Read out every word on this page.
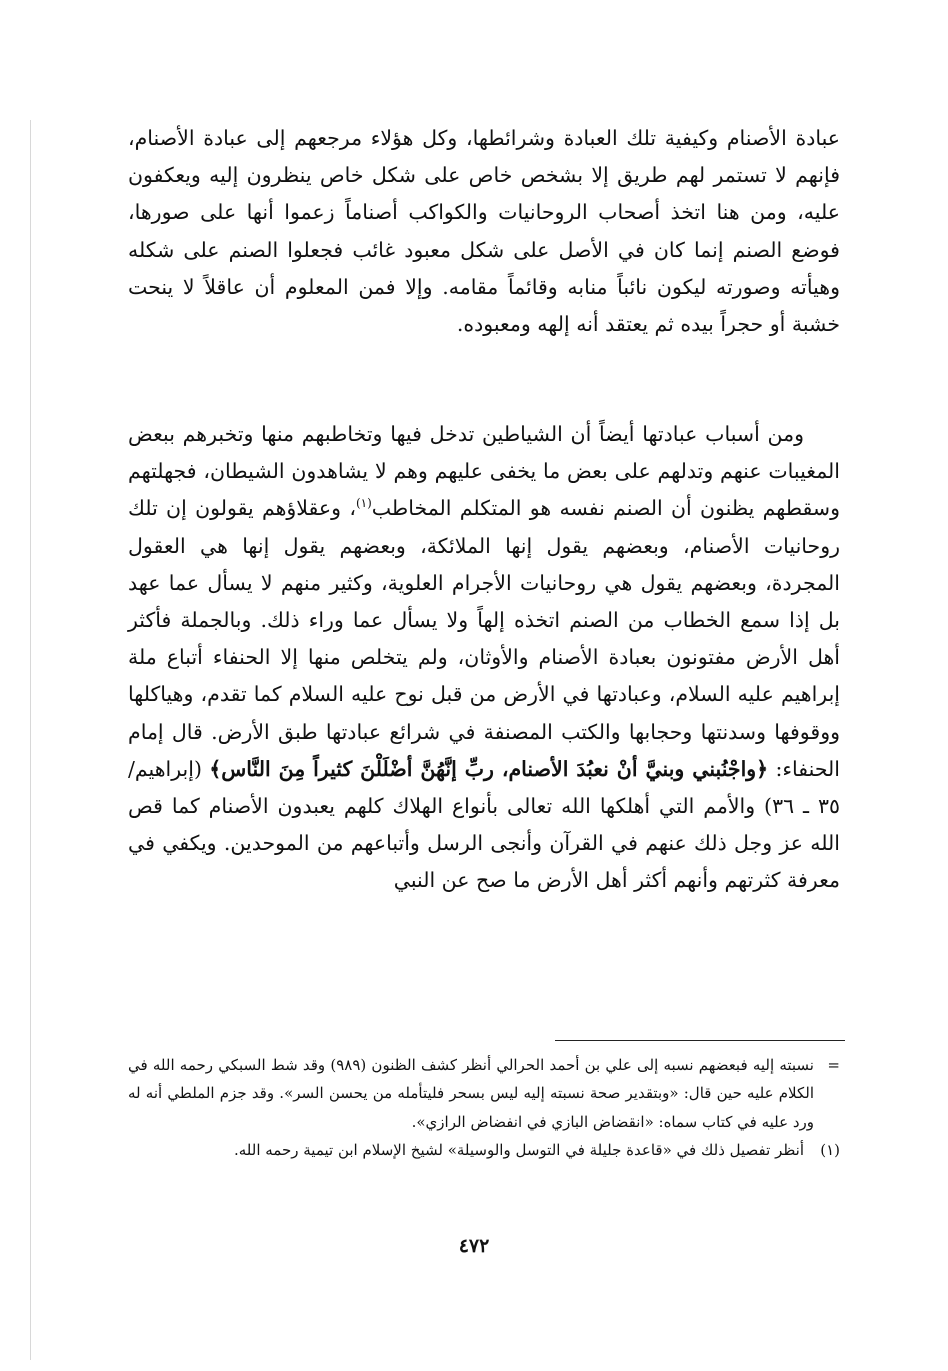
عبادة الأصنام وكيفية تلك العبادة وشرائطها، وكل هؤلاء مرجعهم إلى عبادة الأصنام، فإنهم لا تستمر لهم طريق إلا بشخص خاص على شكل خاص ينظرون إليه ويعكفون عليه، ومن هنا اتخذ أصحاب الروحانيات والكواكب أصناماً زعموا أنها على صورها، فوضع الصنم إنما كان في الأصل على شكل معبود غائب فجعلوا الصنم على شكله وهيأته وصورته ليكون نائباً منابه وقائماً مقامه. وإلا فمن المعلوم أن عاقلاً لا ينحت خشبة أو حجراً بيده ثم يعتقد أنه إلهه ومعبوده.

ومن أسباب عبادتها أيضاً أن الشياطين تدخل فيها وتخاطبهم منها وتخبرهم ببعض المغيبات عنهم وتدلهم على بعض ما يخفى عليهم وهم لا يشاهدون الشيطان، فجهلتهم وسقطهم يظنون أن الصنم نفسه هو المتكلم المخاطب$^{(١)}$، وعقلاؤهم يقولون إن تلك روحانيات الأصنام، وبعضهم يقول إنها الملائكة، وبعضهم يقول إنها هي العقول المجردة، وبعضهم يقول هي روحانيات الأجرام العلوية، وكثير منهم لا يسأل عما عهد بل إذا سمع الخطاب من الصنم اتخذه إلهاً ولا يسأل عما وراء ذلك. وبالجملة فأكثر أهل الأرض مفتونون بعبادة الأصنام والأوثان، ولم يتخلص منها إلا الحنفاء أتباع ملة إبراهيم عليه السلام، وعبادتها في الأرض من قبل نوح عليه السلام كما تقدم، وهياكلها ووقوفها وسدنتها وحجابها والكتب المصنفة في شرائع عبادتها طبق الأرض. قال إمام الحنفاء: ﴿واجْنُبني وبنيَّ أنْ نعبُدَ الأصنام، ربِّ إنَّهُنَّ أضْلَلْنَ كثيراً مِنَ النَّاس﴾ (إبراهيم/٣٥ ـ ٣٦) والأمم التي أهلكها الله تعالى بأنواع الهلاك كلهم يعبدون الأصنام كما قص الله عز وجل ذلك عنهم في القرآن وأنجى الرسل وأتباعهم من الموحدين. ويكفي في معرفة كثرتهم وأنهم أكثر أهل الأرض ما صح عن النبي

=
نسبته إليه فبعضهم نسبه إلى علي بن أحمد الحرالي أنظر كشف الظنون (٩٨٩) وقد شط السبكي رحمه الله في الكلام عليه حين قال: «وبتقدير صحة نسبته إليه ليس بسحر فليتأمله من يحسن السر». وقد جزم الملطي أنه له ورد عليه في كتاب سماه: «انقضاض البازي في انفضاض الرازي».
(١)
أنظر تفصيل ذلك في «قاعدة جليلة في التوسل والوسيلة» لشيخ الإسلام ابن تيمية رحمه الله.
٤٧٢
